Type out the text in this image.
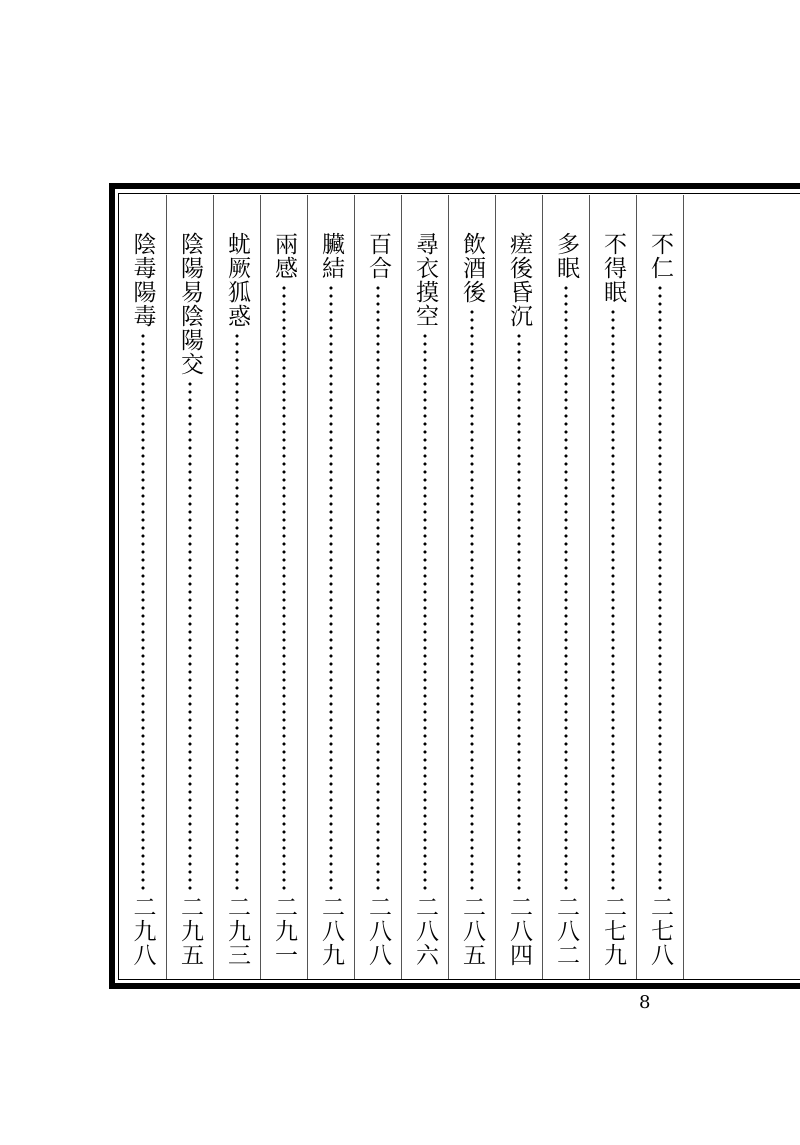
不仁
二七八
不得眠
二七九
多眠
二八二
瘥後昏沉
二八四
飲酒後
二八五
尋衣摸空
二八六
百合
二八八
臟結
二八九
兩感
二九一
蚘厥狐惑
二九三
陰陽易陰陽交
二九五
陰毒陽毒
二九八
8
